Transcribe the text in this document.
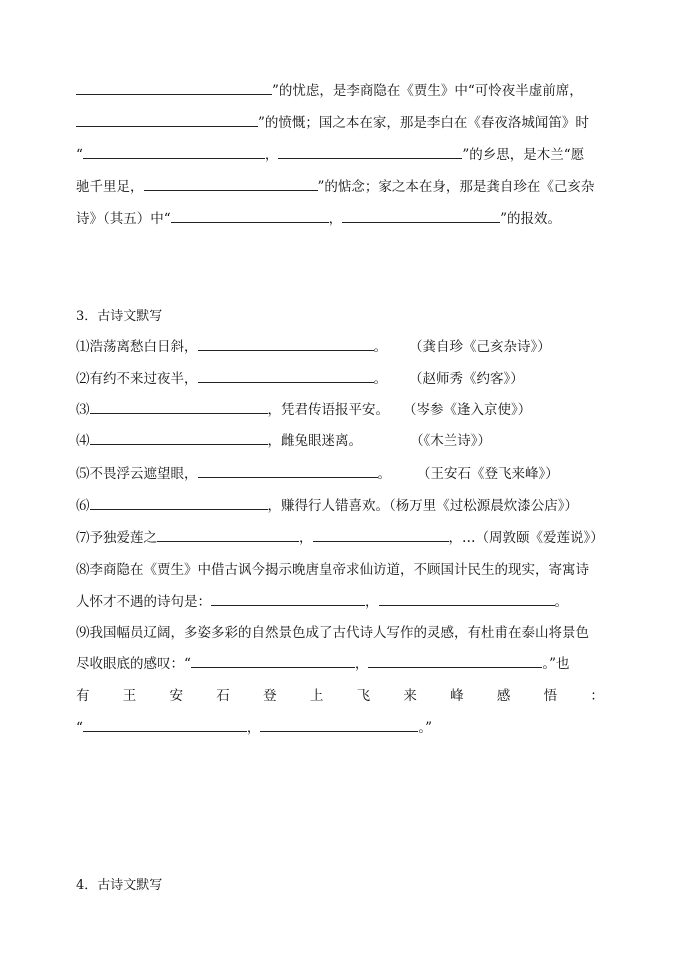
”的忧虑，是李商隐在《贾生》中“可怜夜半虚前席，
”的愤慨；国之本在家，那是李白在《春夜洛城闻笛》时
“	，	”的乡思，是木兰“愿
驰千里足，	”的惦念；家之本在身，那是龚自珍在《己亥杂
诗》（其五）中“	，	”的报效。
3．古诗文默写
⑴浩荡离愁白日斜，	。 （龚自珍《己亥杂诗》）
⑵有约不来过夜半，	。 （赵师秀《约客》）
⑶	，凭君传语报平安。 （岑参《逢入京使》）
⑷	，雌兔眼迷离。	（《木兰诗》）
⑸不畏浮云遮望眼，	。 （王安石《登飞来峰》）
⑹	，赚得行人错喜欢。（杨万里《过松源晨炊漆公店》）
⑺予独爱莲之	，	，…（周敦颐《爱莲说》）
⑻李商隐在《贾生》中借古讽今揭示晚唐皇帝求仙访道，不顾国计民生的现实，寄寓诗
人怀才不遇的诗句是：	，	。
⑼我国幅员辽阔，多姿多彩的自然景色成了古代诗人写作的灵感，有杜甫在泰山将景色
尽收眼底的感叹：“	，	。”也
有 王 安 石 登 上 飞 来 峰 感 悟 ：
“	，	。”
4．古诗文默写
